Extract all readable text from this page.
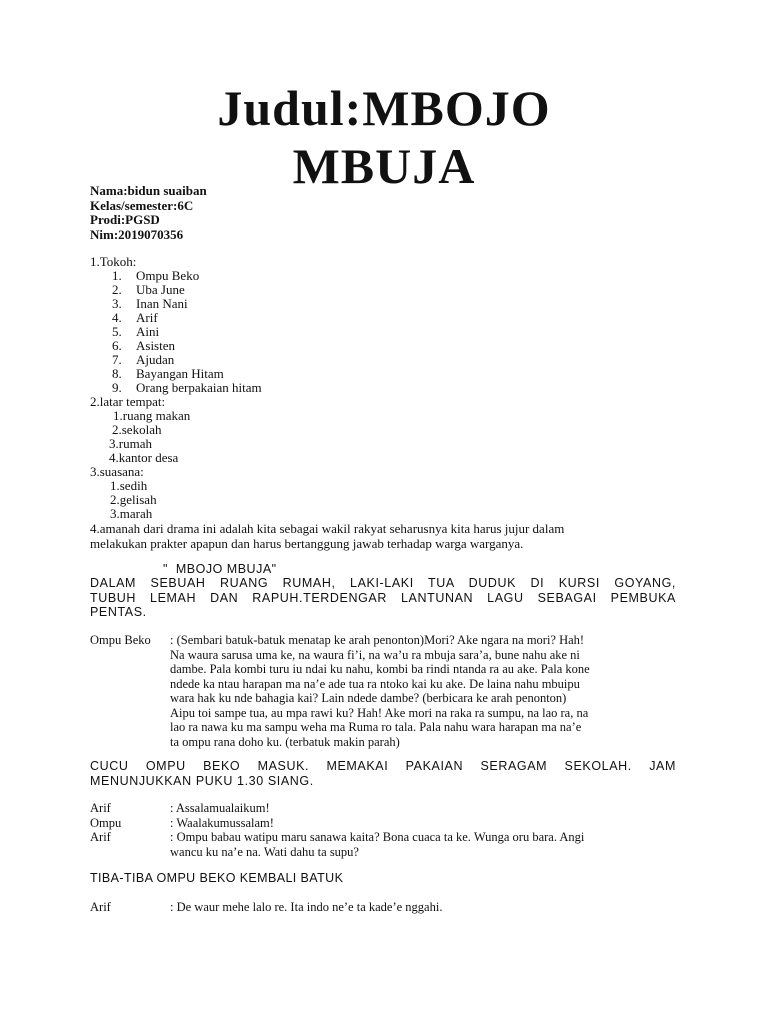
Judul:MBOJO
MBUJA
Nama:bidun suaiban
Kelas/semester:6C
Prodi:PGSD
Nim:2019070356
1.Tokoh:
1.	Ompu Beko
2.	Uba June
3.	Inan Nani
4.	Arif
5.	Aini
6.	Asisten
7.	Ajudan
8.	Bayangan Hitam
9.	Orang berpakaian hitam
2.latar tempat:
1.ruang makan
2.sekolah
3.rumah
4.kantor desa
3.suasana:
1.sedih
2.gelisah
3.marah
4.amanah dari drama ini adalah kita sebagai wakil rakyat seharusnya kita harus jujur dalam
melakukan prakter apapun dan harus bertanggung jawab terhadap warga warganya.
"  MBOJO MBUJA"
DALAM SEBUAH RUANG RUMAH, LAKI-LAKI TUA DUDUK DI KURSI GOYANG,
TUBUH LEMAH DAN RAPUH.TERDENGAR LANTUNAN LAGU SEBAGAI PEMBUKA
PENTAS.
Ompu Beko	: (Sembari batuk-batuk menatap ke arah penonton)Mori? Ake ngara na mori? Hah!
Na waura sarusa uma ke, na waura fi’i, na wa’u ra mbuja sara’a, bune nahu ake ni
dambe. Pala kombi turu iu ndai ku nahu, kombi ba rindi ntanda ra au ake. Pala kone
ndede ka ntau harapan ma na’e ade tua ra ntoko kai ku ake. De laina nahu mbuipu
wara hak ku nde bahagia kai? Lain ndede dambe? (berbicara ke arah penonton)
Aipu toi sampe tua, au mpa rawi ku? Hah! Ake mori na raka ra sumpu, na lao ra, na
lao ra nawa ku ma sampu weha ma Ruma ro tala. Pala nahu wara harapan ma na’e
ta ompu rana doho ku. (terbatuk makin parah)
CUCU OMPU BEKO MASUK. MEMAKAI PAKAIAN SERAGAM SEKOLAH. JAM
MENUNJUKKAN PUKU 1.30 SIANG.
Arif	: Assalamualaikum!
Ompu	: Waalakumussalam!
Arif	: Ompu babau watipu maru sanawa kaita? Bona cuaca ta ke. Wunga oru bara. Angi
wancu ku na’e na. Wati dahu ta supu?
TIBA-TIBA OMPU BEKO KEMBALI BATUK
Arif	: De waur mehe lalo re. Ita indo ne’e ta kade’e nggahi.
